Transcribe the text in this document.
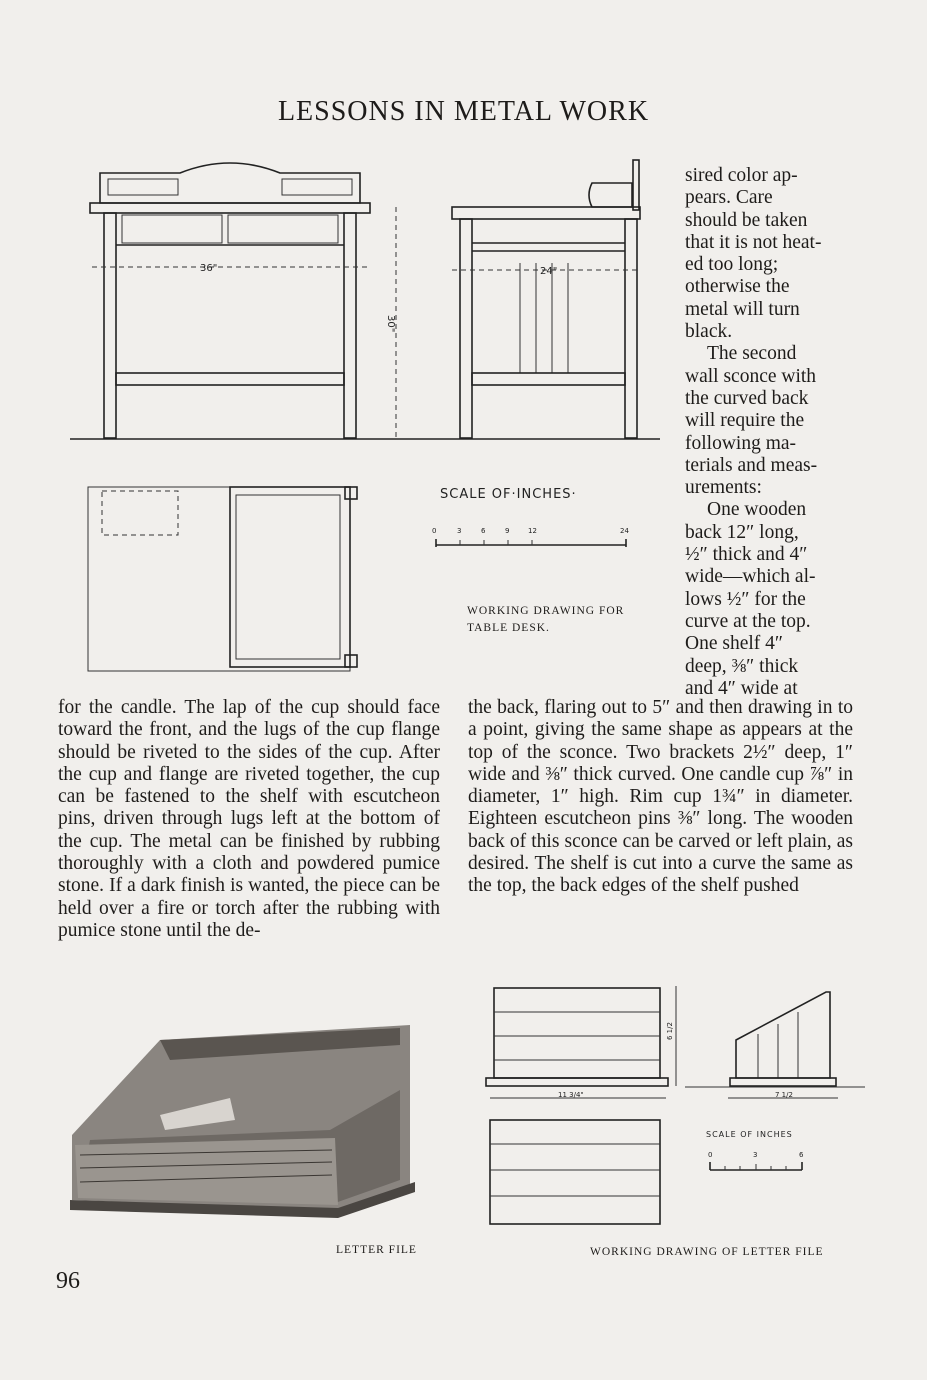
LESSONS IN METAL WORK
36"
30"
24"
SCALE OF·INCHES·
0	3	6	9	12	24
WORKING DRAWING FOR
TABLE DESK.
sired color ap-
pears. Care
should be taken
that it is not heat-
ed too long;
otherwise the
metal will turn
black.
The second
wall sconce with
the curved back
will require the
following ma-
terials and meas-
urements:
One wooden
back 12″ long,
½″ thick and 4″
wide—which al-
lows ½″ for the
curve at the top.
One shelf 4″
deep, ⅜″ thick
and 4″ wide at

for the candle. The lap of the cup should face toward the front, and the lugs of the cup flange should be riveted to the sides of the cup. After the cup and flange are riveted together, the cup can be fastened to the shelf with escutcheon pins, driven through lugs left at the bottom of the cup. The metal can be finished by rubbing thoroughly with a cloth and powdered pumice stone. If a dark finish is wanted, the piece can be held over a fire or torch after the rubbing with pumice stone until the de-

the back, flaring out to 5″ and then drawing in to a point, giving the same shape as appears at the top of the sconce. Two brackets 2½″ deep, 1″ wide and ⅜″ thick curved. One candle cup ⅞″ in diameter, 1″ high. Rim cup 1¾″ in diameter. Eighteen escutcheon pins ⅜″ long. The wooden back of this sconce can be carved or left plain, as desired. The shelf is cut into a curve the same as the top, the back edges of the shelf pushed

LETTER FILE
11 3/4"
6 1/2
7 1/2
SCALE OF INCHES
0	3	6
WORKING DRAWING OF LETTER FILE
96
